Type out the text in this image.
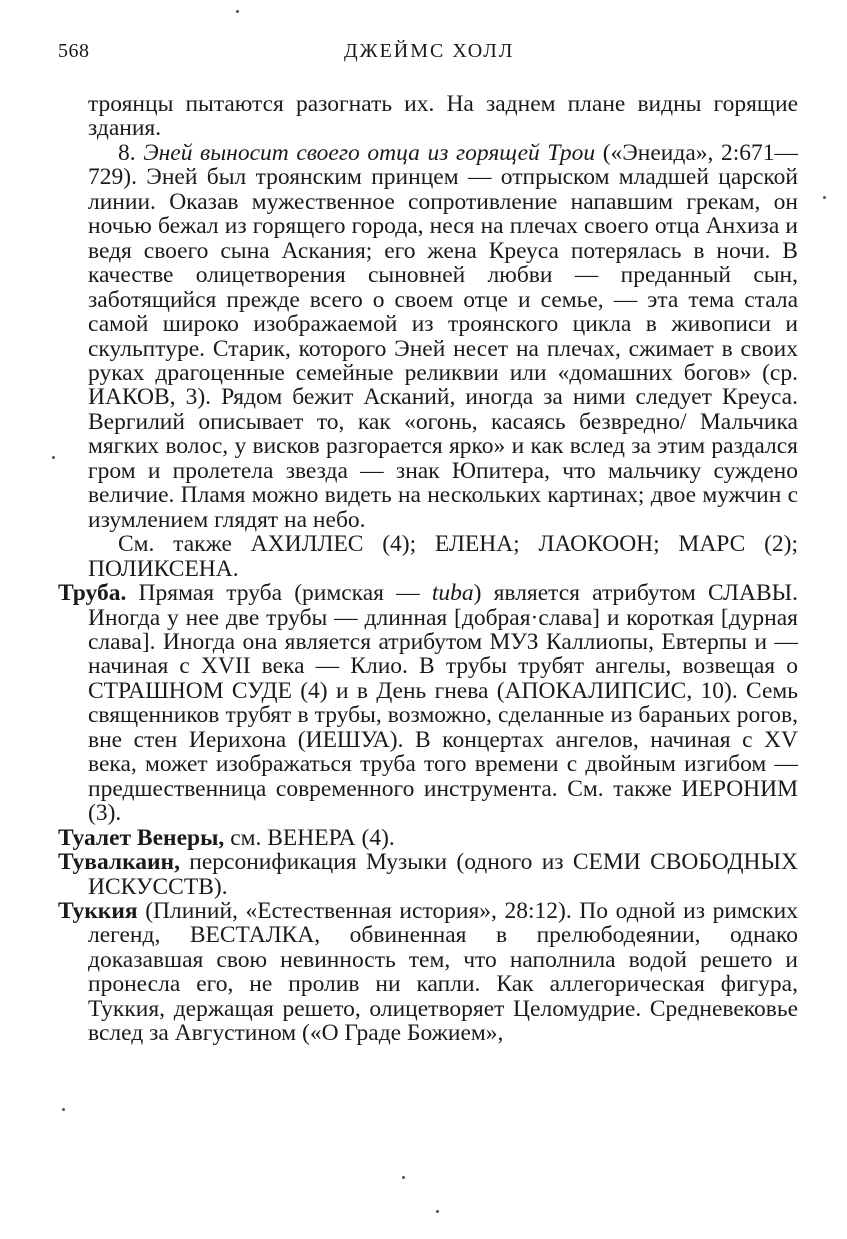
568	ДЖЕЙМС ХОЛЛ

троянцы пытаются разогнать их. На заднем плане видны горящие здания.

8. Эней выносит своего отца из горящей Трои («Энеида», 2:671—729). Эней был троянским принцем — отпрыском младшей царской линии. Оказав мужественное сопротивление напавшим грекам, он ночью бежал из горящего города, неся на плечах своего отца Анхиза и ведя своего сына Аскания; его жена Креуса потерялась в ночи. В качестве олицетворения сыновней любви — преданный сын, заботящийся прежде всего о своем отце и семье, — эта тема стала самой широко изображаемой из троянского цикла в живописи и скульптуре. Старик, которого Эней несет на плечах, сжимает в своих руках драгоценные семейные реликвии или «домашних богов» (ср. ИАКОВ, 3). Рядом бежит Асканий, иногда за ними следует Креуса. Вергилий описывает то, как «огонь, касаясь безвредно/ Мальчика мягких волос, у висков разгорается ярко» и как вслед за этим раздался гром и пролетела звезда — знак Юпитера, что мальчику суждено величие. Пламя можно видеть на нескольких картинах; двое мужчин с изумлением глядят на небо.

См. также АХИЛЛЕС (4); ЕЛЕНА; ЛАОКООН; МАРС (2); ПОЛИКСЕНА.

Труба. Прямая труба (римская — tuba) является атрибутом СЛАВЫ. Иногда у нее две трубы — длинная [добрая·слава] и короткая [дурная слава]. Иногда она является атрибутом МУЗ Каллиопы, Евтерпы и — начиная с XVII века — Клио. В трубы трубят ангелы, возвещая о СТРАШНОМ СУДЕ (4) и в День гнева (АПОКАЛИПСИС, 10). Семь священников трубят в трубы, возможно, сделанные из бараньих рогов, вне стен Иерихона (ИЕШУА). В концертах ангелов, начиная с XV века, может изображаться труба того времени с двойным изгибом — предшественница современного инструмента. См. также ИЕРОНИМ (3).

Туалет Венеры, см. ВЕНЕРА (4).

Тувалкаин, персонификация Музыки (одного из СЕМИ СВОБОДНЫХ ИСКУССТВ).

Туккия (Плиний, «Естественная история», 28:12). По одной из римских легенд, ВЕСТАЛКА, обвиненная в прелюбодеянии, однако доказавшая свою невинность тем, что наполнила водой решето и пронесла его, не пролив ни капли. Как аллегорическая фигура, Туккия, держащая решето, олицетворяет Целомудрие. Средневековье вслед за Августином («О Граде Божием»,
